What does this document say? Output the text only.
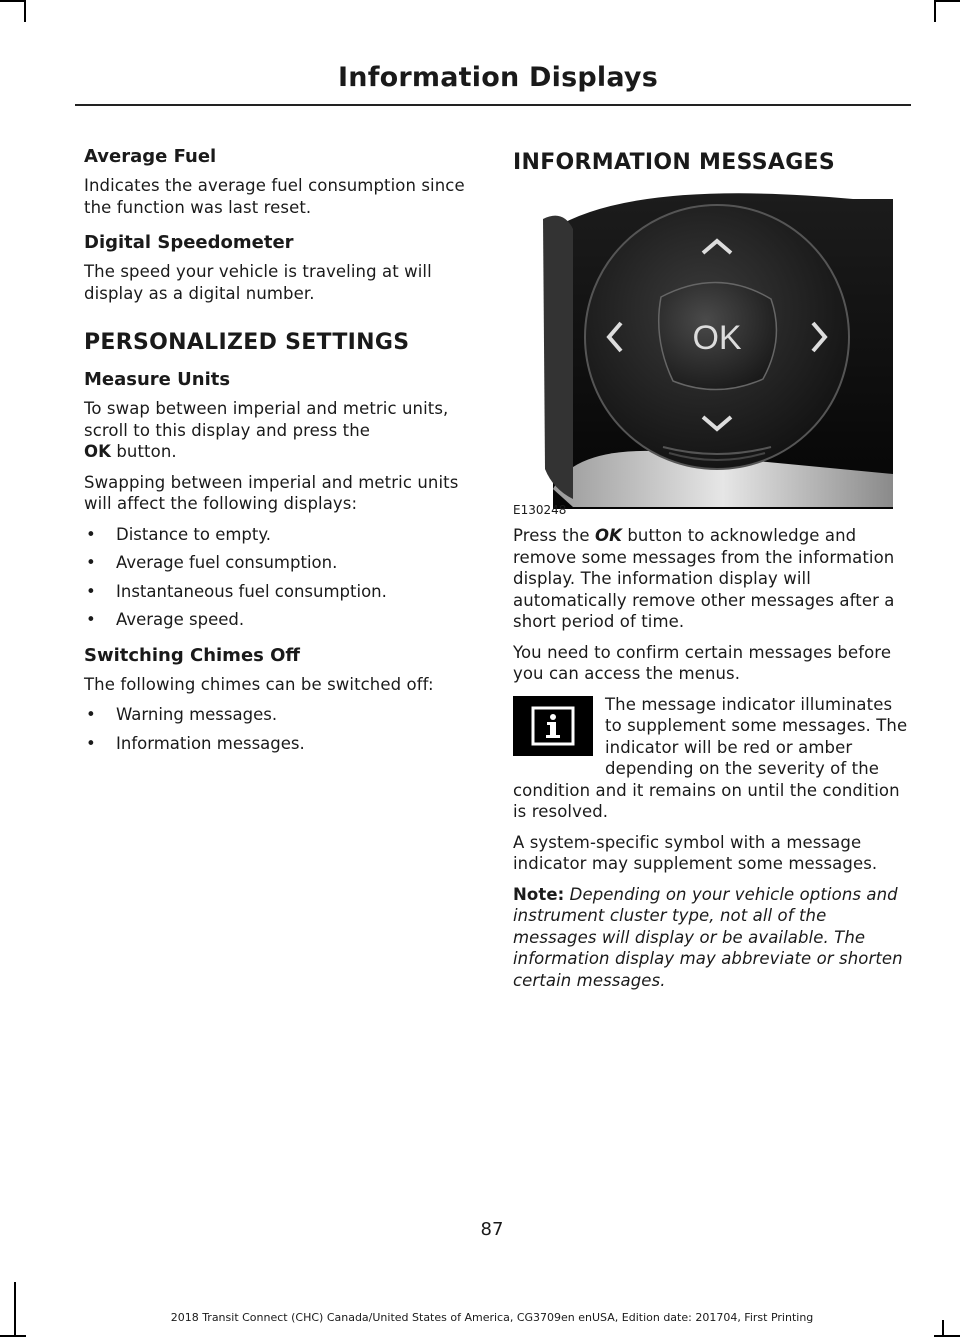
Information Displays
Average Fuel

Indicates the average fuel consumption since the function was last reset.

Digital Speedometer

The speed your vehicle is traveling at will display as a digital number.

PERSONALIZED SETTINGS
Measure Units

To swap between imperial and metric units, scroll to this display and press the
OK button.

Swapping between imperial and metric units will affect the following displays:

• Distance to empty.
• Average fuel consumption.
• Instantaneous fuel consumption.
• Average speed.
Switching Chimes Off

The following chimes can be switched off:

• Warning messages.
• Information messages.
INFORMATION MESSAGES
OK
E130248

Press the OK button to acknowledge and remove some messages from the information display. The information display will automatically remove other messages after a short period of time.

You need to confirm certain messages before you can access the menus.

The message indicator illuminates to supplement some messages. The indicator will be red or amber depending on the severity of the condition and it remains on until the condition is resolved.

A system-specific symbol with a message indicator may supplement some messages.

Note: Depending on your vehicle options and instrument cluster type, not all of the messages will display or be available. The information display may abbreviate or shorten certain messages.

87
2018 Transit Connect (CHC) Canada/United States of America, CG3709en enUSA, Edition date: 201704, First Printing
